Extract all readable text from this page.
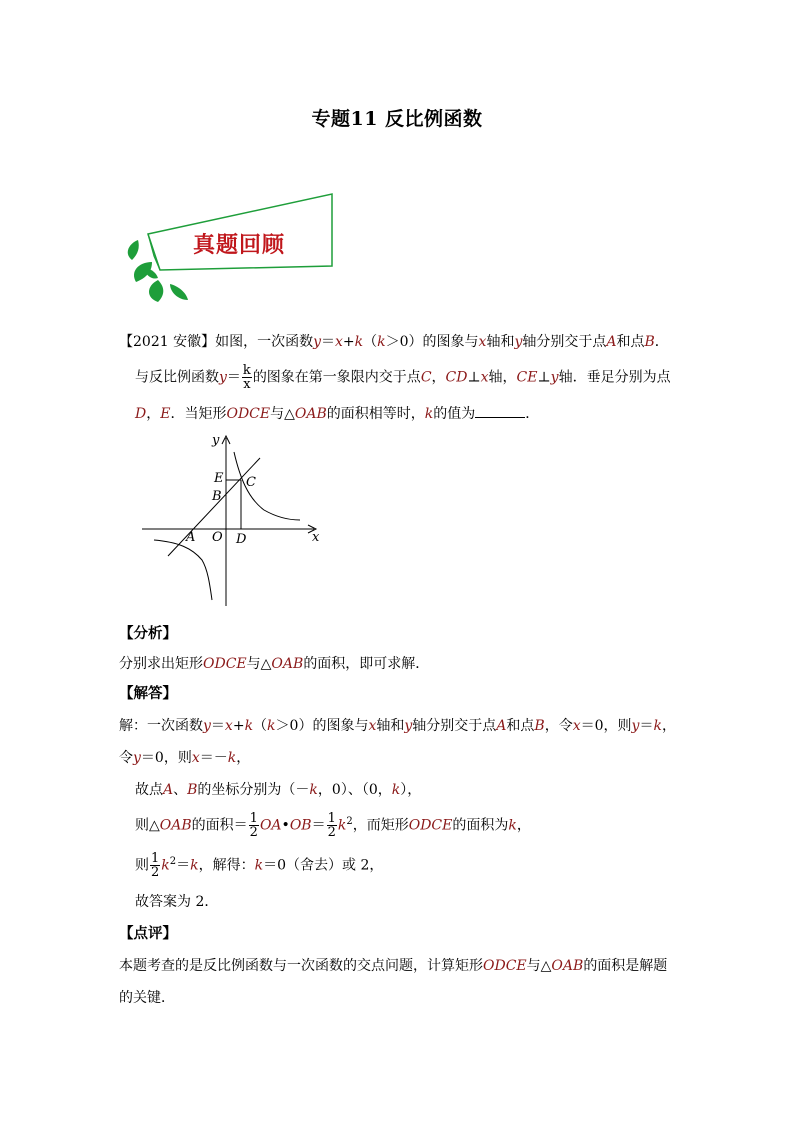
专题11 反比例函数
真题回顾
【2021 安徽】如图，一次函数y＝x+k（k＞0）的图象与x轴和y轴分别交于点A和点B．
与反比例函数$y= \frac{k}{x}$ 的图象在第一象限内交于点C，CD⊥x轴，CE⊥y轴．垂足分别为点
D，E．当矩形ODCE与△OAB的面积相等时，k的值为	．
y
x
E
B
C
A O D
【分析】
分别求出矩形ODCE与△OAB的面积，即可求解．
【解答】
解：一次函数y＝x+k（k＞0）的图象与x轴和y轴分别交于点A和点B，令x＝0，则y＝k，
令y＝0，则x＝－k，
故点A、B的坐标分别为（－k，0）、（0，k），
则△OAB的面积＝ $\frac{1}{2}$ OA•OB＝ $\frac{1}{2} k^2$，而矩形ODCE的面积为k，
则 $\frac{1}{2} k^2=k$，解得：k＝0（舍去）或 2，
故答案为 2．
【点评】
本题考查的是反比例函数与一次函数的交点问题，计算矩形ODCE与△OAB的面积是解题
的关键．
